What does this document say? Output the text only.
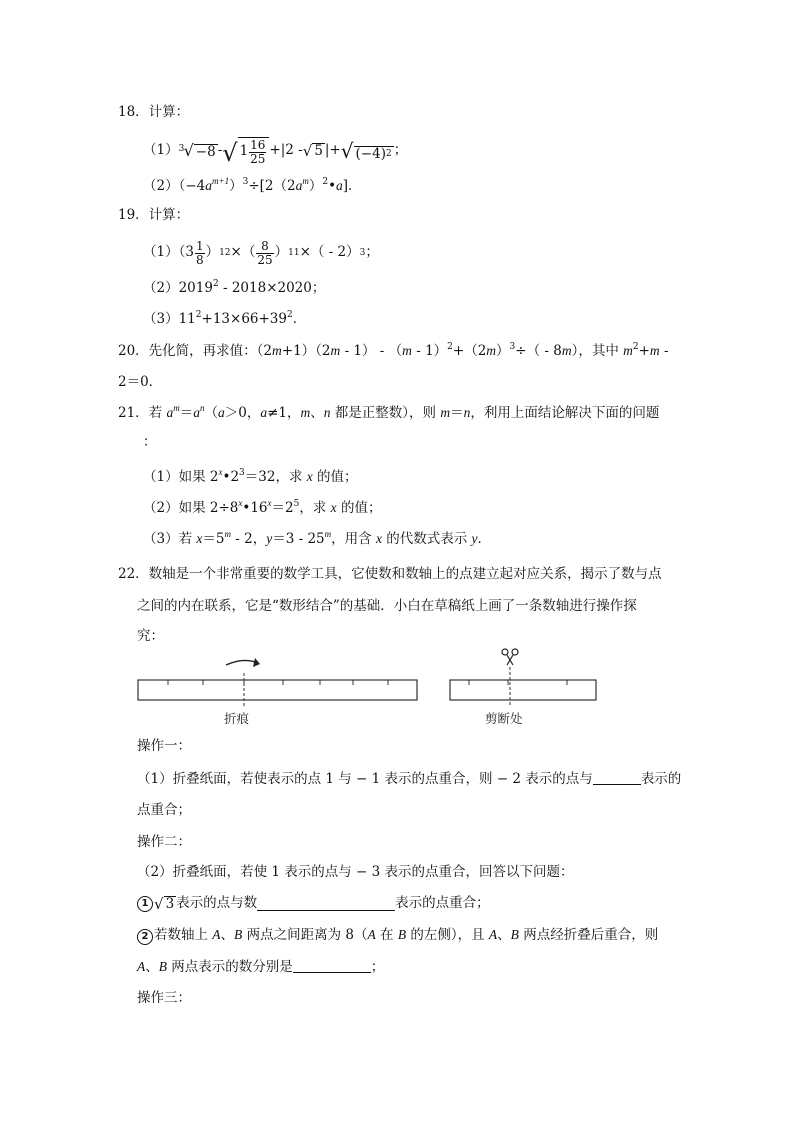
18．计算：
（1） 3 √ −8 - √ $1 \frac{16}{25} +|2$ - √ 5 |+ √ (−4) 2 ；
$(2)(-4a^{m+1})^3\div[2(2a^m)^2•a]$．
19．计算：
$(1)(3 \frac{1}{8}$ ） 12 ×（ $\frac{8}{25}$ ） 11 ×（ - 2） 3 ；
（2）2019$^2$ - 2018×2020；
$(3)11^2+13\times 66+39^2$．
20．先化简，再求值：$(2m+1)(2m - 1) - (m - 1)^2+(2m)^3\div( - 8m)$，其中 $m^2+m$ -
2＝0．
21．若 $a^m=a^n(a>0$，a≠1，m、n 都是正整数），则 m＝n，利用上面结论解决下面的问题
：
（1）如果 $2^x•2^3=32$，求 x 的值；
（2）如果 $2\div 8^x•16^x=2^5$，求 x 的值；
（3）若 $x=5^m - 2$，y＝3 - 25$^m$，用含 x 的代数式表示 y．
22．数轴是一个非常重要的数学工具，它使数和数轴上的点建立起对应关系，揭示了数与点
之间的内在联系，它是“数形结合”的基础．小白在草稿纸上画了一条数轴进行操作探
究：
折痕	剪断处
操作一：
（1）折叠纸面，若使表示的点 1 与 − 1 表示的点重合，则 − 2 表示的点与	表示的
点重合；
操作二：
（2）折叠纸面，若使 1 表示的点与 − 3 表示的点重合，回答以下问题：
1 √ 3 表示的点与数	表示的点重合；
2 若数轴上 A、B 两点之间距离为 8（A 在 B 的左侧），且 A、B 两点经折叠后重合，则
A、B 两点表示的数分别是	；
操作三：
